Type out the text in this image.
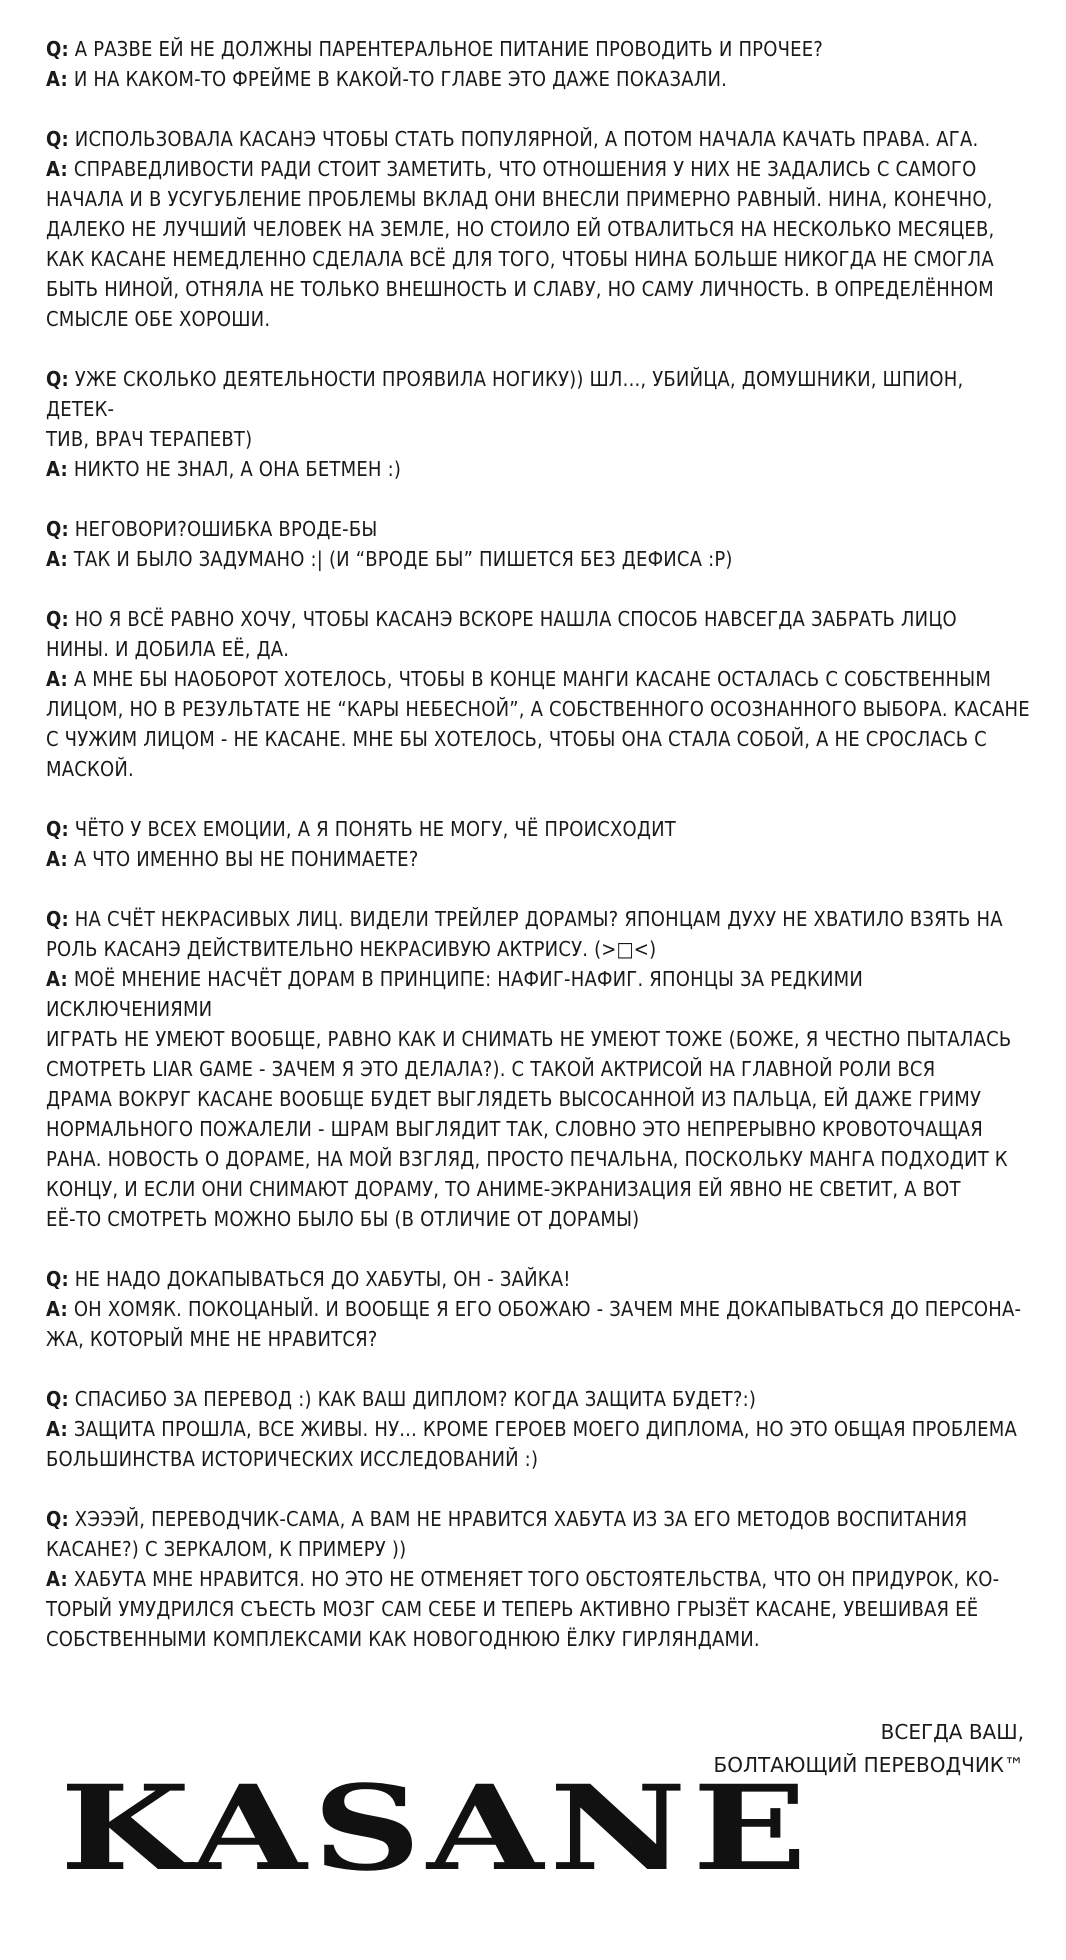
Q: А РАЗВЕ ЕЙ НЕ ДОЛЖНЫ ПАРЕНТЕРАЛЬНОЕ ПИТАНИЕ ПРОВОДИТЬ И ПРОЧЕЕ?

A: И НА КАКОМ-ТО ФРЕЙМЕ В КАКОЙ-ТО ГЛАВЕ ЭТО ДАЖЕ ПОКАЗАЛИ.

Q: ИСПОЛЬЗОВАЛА КАСАНЭ ЧТОБЫ СТАТЬ ПОПУЛЯРНОЙ, А ПОТОМ НАЧАЛА КАЧАТЬ ПРАВА. АГА.

A: СПРАВЕДЛИВОСТИ РАДИ СТОИТ ЗАМЕТИТЬ, ЧТО ОТНОШЕНИЯ У НИХ НЕ ЗАДАЛИСЬ С САМОГО

НАЧАЛА И В УСУГУБЛЕНИЕ ПРОБЛЕМЫ ВКЛАД ОНИ ВНЕСЛИ ПРИМЕРНО РАВНЫЙ. НИНА, КОНЕЧНО,

ДАЛЕКО НЕ ЛУЧШИЙ ЧЕЛОВЕК НА ЗЕМЛЕ, НО СТОИЛО ЕЙ ОТВАЛИТЬСЯ НА НЕСКОЛЬКО МЕСЯЦЕВ,

КАК КАСАНЕ НЕМЕДЛЕННО СДЕЛАЛА ВСЁ ДЛЯ ТОГО, ЧТОБЫ НИНА БОЛЬШЕ НИКОГДА НЕ СМОГЛА

БЫТЬ НИНОЙ, ОТНЯЛА НЕ ТОЛЬКО ВНЕШНОСТЬ И СЛАВУ, НО САМУ ЛИЧНОСТЬ. В ОПРЕДЕЛЁННОМ

СМЫСЛЕ ОБЕ ХОРОШИ.

Q: УЖЕ СКОЛЬКО ДЕЯТЕЛЬНОСТИ ПРОЯВИЛА НОГИКУ)) ШЛ..., УБИЙЦА, ДОМУШНИКИ, ШПИОН, ДЕТЕК-

ТИВ, ВРАЧ ТЕРАПЕВТ)

A: НИКТО НЕ ЗНАЛ, А ОНА БЕТМЕН :)

Q: НЕГОВОРИ?ОШИБКА ВРОДЕ-БЫ

A: ТАК И БЫЛО ЗАДУМАНО :| (И “ВРОДЕ БЫ” ПИШЕТСЯ БЕЗ ДЕФИСА :P)

Q: НО Я ВСЁ РАВНО ХОЧУ, ЧТОБЫ КАСАНЭ ВСКОРЕ НАШЛА СПОСОБ НАВСЕГДА ЗАБРАТЬ ЛИЦО

НИНЫ. И ДОБИЛА ЕЁ, ДА.

A: А МНЕ БЫ НАОБОРОТ ХОТЕЛОСЬ, ЧТОБЫ В КОНЦЕ МАНГИ КАСАНЕ ОСТАЛАСЬ С СОБСТВЕННЫМ

ЛИЦОМ, НО В РЕЗУЛЬТАТЕ НЕ “КАРЫ НЕБЕСНОЙ”, А СОБСТВЕННОГО ОСОЗНАННОГО ВЫБОРА. КАСАНЕ

С ЧУЖИМ ЛИЦОМ - НЕ КАСАНЕ. МНЕ БЫ ХОТЕЛОСЬ, ЧТОБЫ ОНА СТАЛА СОБОЙ, А НЕ СРОСЛАСЬ С

МАСКОЙ.

Q: ЧЁТО У ВСЕХ ЕМОЦИИ, А Я ПОНЯТЬ НЕ МОГУ, ЧЁ ПРОИСХОДИТ

A: А ЧТО ИМЕННО ВЫ НЕ ПОНИМАЕТЕ?

Q: НА СЧЁТ НЕКРАСИВЫХ ЛИЦ. ВИДЕЛИ ТРЕЙЛЕР ДОРАМЫ? ЯПОНЦАМ ДУХУ НЕ ХВАТИЛО ВЗЯТЬ НА

РОЛЬ КАСАНЭ ДЕЙСТВИТЕЛЬНО НЕКРАСИВУЮ АКТРИСУ. (>□<)

A: МОЁ МНЕНИЕ НАСЧЁТ ДОРАМ В ПРИНЦИПЕ: НАФИГ-НАФИГ. ЯПОНЦЫ ЗА РЕДКИМИ ИСКЛЮЧЕНИЯМИ

ИГРАТЬ НЕ УМЕЮТ ВООБЩЕ, РАВНО КАК И СНИМАТЬ НЕ УМЕЮТ ТОЖЕ (БОЖЕ, Я ЧЕСТНО ПЫТАЛАСЬ

СМОТРЕТЬ LIAR GAME - ЗАЧЕМ Я ЭТО ДЕЛАЛА?). С ТАКОЙ АКТРИСОЙ НА ГЛАВНОЙ РОЛИ ВСЯ

ДРАМА ВОКРУГ КАСАНЕ ВООБЩЕ БУДЕТ ВЫГЛЯДЕТЬ ВЫСОСАННОЙ ИЗ ПАЛЬЦА, ЕЙ ДАЖЕ ГРИМУ

НОРМАЛЬНОГО ПОЖАЛЕЛИ - ШРАМ ВЫГЛЯДИТ ТАК, СЛОВНО ЭТО НЕПРЕРЫВНО КРОВОТОЧАЩАЯ

РАНА. НОВОСТЬ О ДОРАМЕ, НА МОЙ ВЗГЛЯД, ПРОСТО ПЕЧАЛЬНА, ПОСКОЛЬКУ МАНГА ПОДХОДИТ К

КОНЦУ, И ЕСЛИ ОНИ СНИМАЮТ ДОРАМУ, ТО АНИМЕ-ЭКРАНИЗАЦИЯ ЕЙ ЯВНО НЕ СВЕТИТ, А ВОТ

ЕЁ-ТО СМОТРЕТЬ МОЖНО БЫЛО БЫ (В ОТЛИЧИЕ ОТ ДОРАМЫ)

Q: НЕ НАДО ДОКАПЫВАТЬСЯ ДО ХАБУТЫ, ОН - ЗАЙКА!

A: ОН ХОМЯК. ПОКОЦАНЫЙ. И ВООБЩЕ Я ЕГО ОБОЖАЮ - ЗАЧЕМ МНЕ ДОКАПЫВАТЬСЯ ДО ПЕРСОНА-

ЖА, КОТОРЫЙ МНЕ НЕ НРАВИТСЯ?

Q: СПАСИБО ЗА ПЕРЕВОД :) КАК ВАШ ДИПЛОМ? КОГДА ЗАЩИТА БУДЕТ?:)

A: ЗАЩИТА ПРОШЛА, ВСЕ ЖИВЫ. НУ... КРОМЕ ГЕРОЕВ МОЕГО ДИПЛОМА, НО ЭТО ОБЩАЯ ПРОБЛЕМА

БОЛЬШИНСТВА ИСТОРИЧЕСКИХ ИССЛЕДОВАНИЙ :)

Q: ХЭЭЭЙ, ПЕРЕВОДЧИК-САМА, А ВАМ НЕ НРАВИТСЯ ХАБУТА ИЗ ЗА ЕГО МЕТОДОВ ВОСПИТАНИЯ

КАСАНЕ?) С ЗЕРКАЛОМ, К ПРИМЕРУ ))

A: ХАБУТА МНЕ НРАВИТСЯ. НО ЭТО НЕ ОТМЕНЯЕТ ТОГО ОБСТОЯТЕЛЬСТВА, ЧТО ОН ПРИДУРОК, КО-

ТОРЫЙ УМУДРИЛСЯ СЪЕСТЬ МОЗГ САМ СЕБЕ И ТЕПЕРЬ АКТИВНО ГРЫЗЁТ КАСАНЕ, УВЕШИВАЯ ЕЁ

СОБСТВЕННЫМИ КОМПЛЕКСАМИ КАК НОВОГОДНЮЮ ЁЛКУ ГИРЛЯНДАМИ.

ВСЕГДА ВАШ,
БОЛТАЮЩИЙ ПЕРЕВОДЧИК™
KASANE
